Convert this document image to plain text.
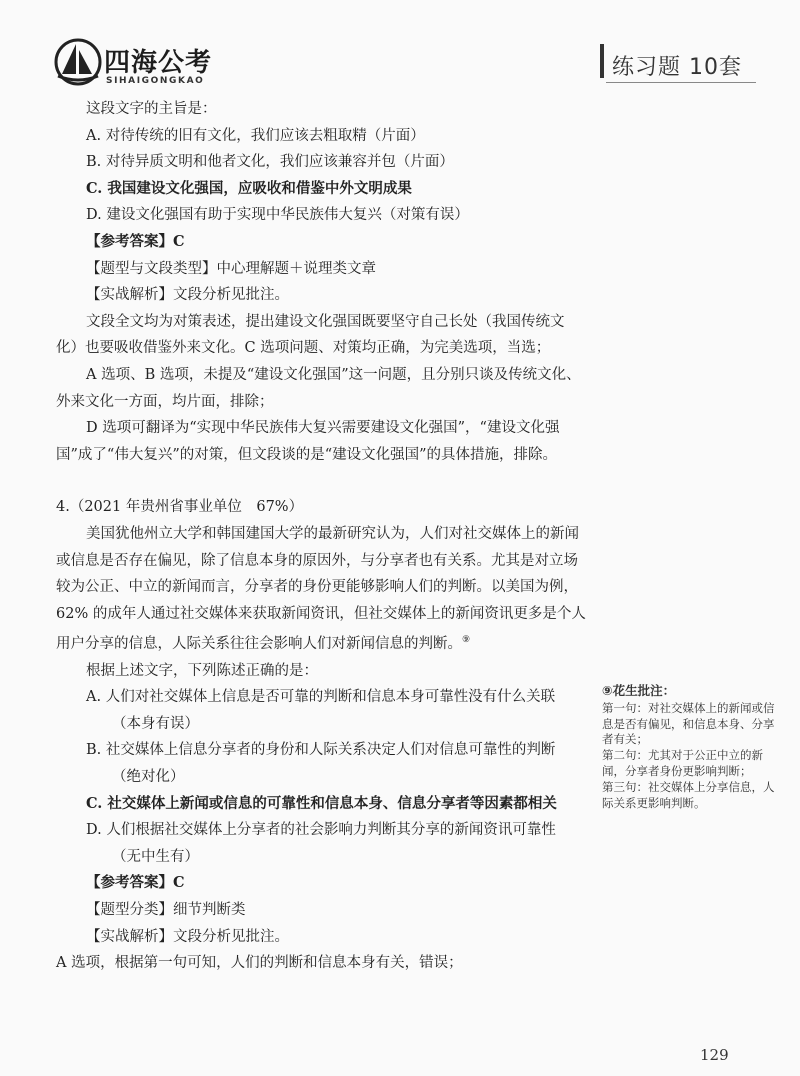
四海公考
SIHAIGONGKAO
练习题 10套

这段文字的主旨是：

A. 对待传统的旧有文化，我们应该去粗取精（片面）

B. 对待异质文明和他者文化，我们应该兼容并包（片面）

C. 我国建设文化强国，应吸收和借鉴中外文明成果

D. 建设文化强国有助于实现中华民族伟大复兴（对策有误）

【参考答案】C

【题型与文段类型】中心理解题＋说理类文章

【实战解析】文段分析见批注。

文段全文均为对策表述，提出建设文化强国既要坚守自己长处（我国传统文化）也要吸收借鉴外来文化。C 选项问题、对策均正确，为完美选项，当选；

A 选项、B 选项，未提及“建设文化强国”这一问题，且分别只谈及传统文化、外来文化一方面，均片面，排除；

D 选项可翻译为“实现中华民族伟大复兴需要建设文化强国”，“建设文化强国”成了“伟大复兴”的对策，但文段谈的是“建设文化强国”的具体措施，排除。

4.（2021 年贵州省事业单位　67%）

美国犹他州立大学和韩国建国大学的最新研究认为，人们对社交媒体上的新闻或信息是否存在偏见，除了信息本身的原因外，与分享者也有关系。尤其是对立场较为公正、中立的新闻而言，分享者的身份更能够影响人们的判断。以美国为例，62% 的成年人通过社交媒体来获取新闻资讯，但社交媒体上的新闻资讯更多是个人用户分享的信息，人际关系往往会影响人们对新闻信息的判断。⑨

根据上述文字，下列陈述正确的是：

A. 人们对社交媒体上信息是否可靠的判断和信息本身可靠性没有什么关联

（本身有误）

B. 社交媒体上信息分享者的身份和人际关系决定人们对信息可靠性的判断

（绝对化）

C. 社交媒体上新闻或信息的可靠性和信息本身、信息分享者等因素都相关

D. 人们根据社交媒体上分享者的社会影响力判断其分享的新闻资讯可靠性

（无中生有）

【参考答案】C

【题型分类】细节判断类

【实战解析】文段分析见批注。

A 选项，根据第一句可知，人们的判断和信息本身有关，错误；

⑨花生批注：

第一句：对社交媒体上的新闻或信息是否有偏见，和信息本身、分享者有关；

第二句：尤其对于公正中立的新闻，分享者身份更影响判断；

第三句：社交媒体上分享信息，人际关系更影响判断。

129
